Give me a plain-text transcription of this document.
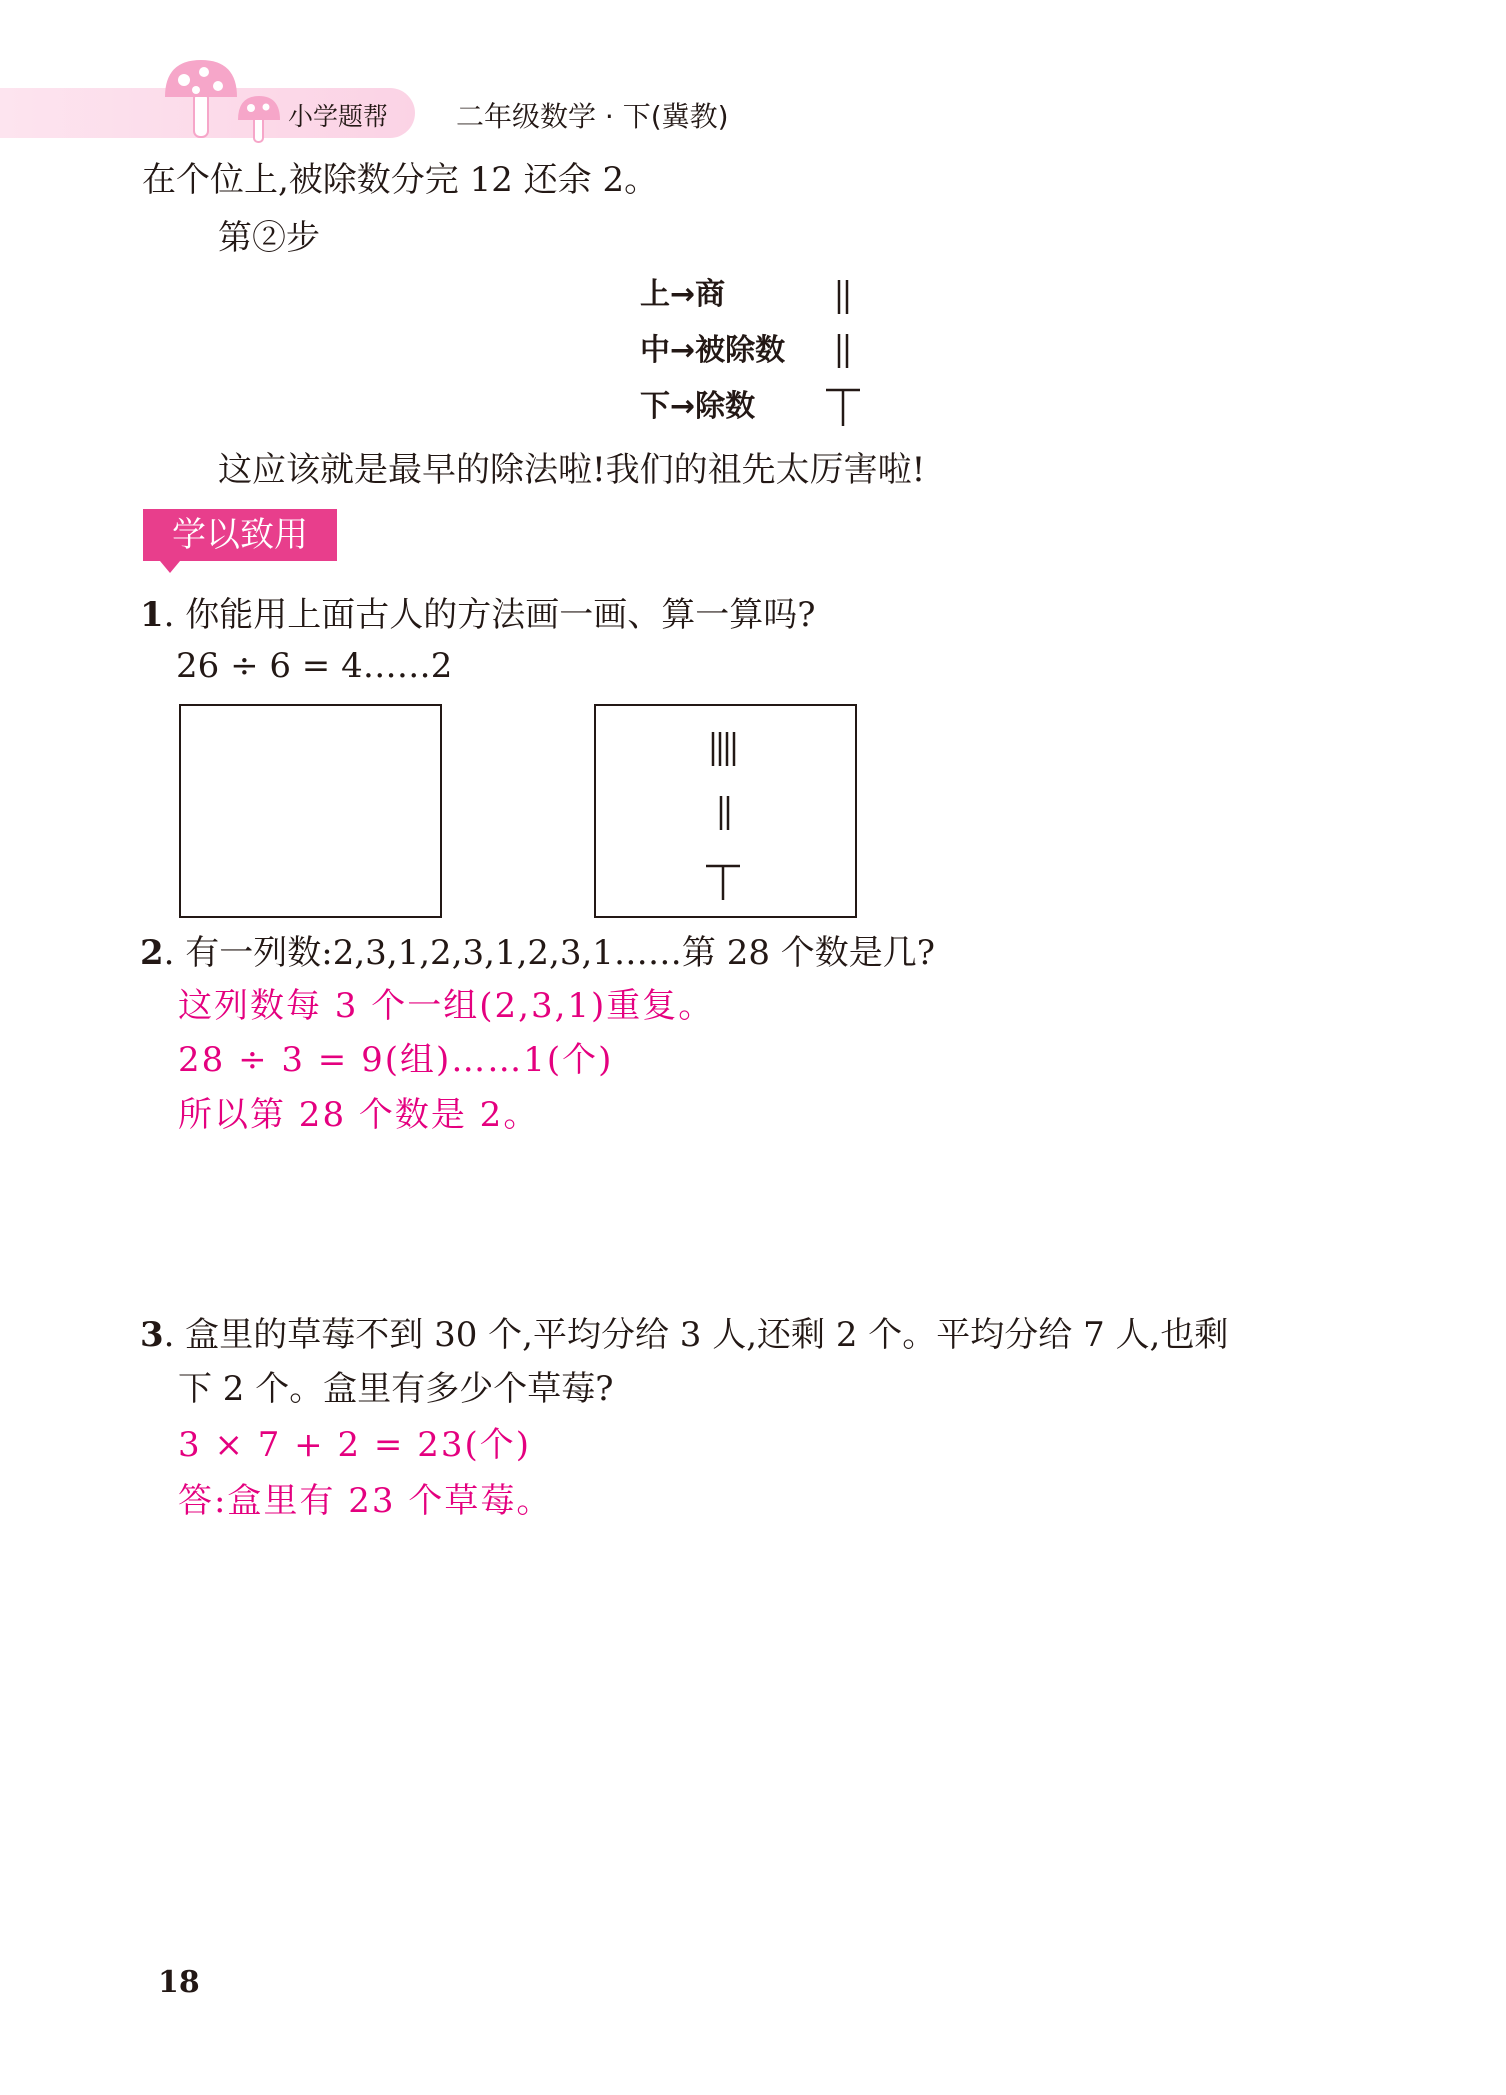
小学题帮 二年级数学 · 下(冀教)
在个位上,被除数分完 12 还余 2。
第②步
上→商
中→被除数
下→除数
这应该就是最早的除法啦!我们的祖先太厉害啦!
学以致用
1. 你能用上面古人的方法画一画、算一算吗?
26 ÷ 6 = 4……2
2. 有一列数:2,3,1,2,3,1,2,3,1……第 28 个数是几?
这列数每 3 个一组(2,3,1)重复。
28 ÷ 3 = 9(组)……1(个)
所以第 28 个数是 2。
3. 盒里的草莓不到 30 个,平均分给 3 人,还剩 2 个。平均分给 7 人,也剩
下 2 个。盒里有多少个草莓?
3 × 7 + 2 = 23(个)
答:盒里有 23 个草莓。
18
